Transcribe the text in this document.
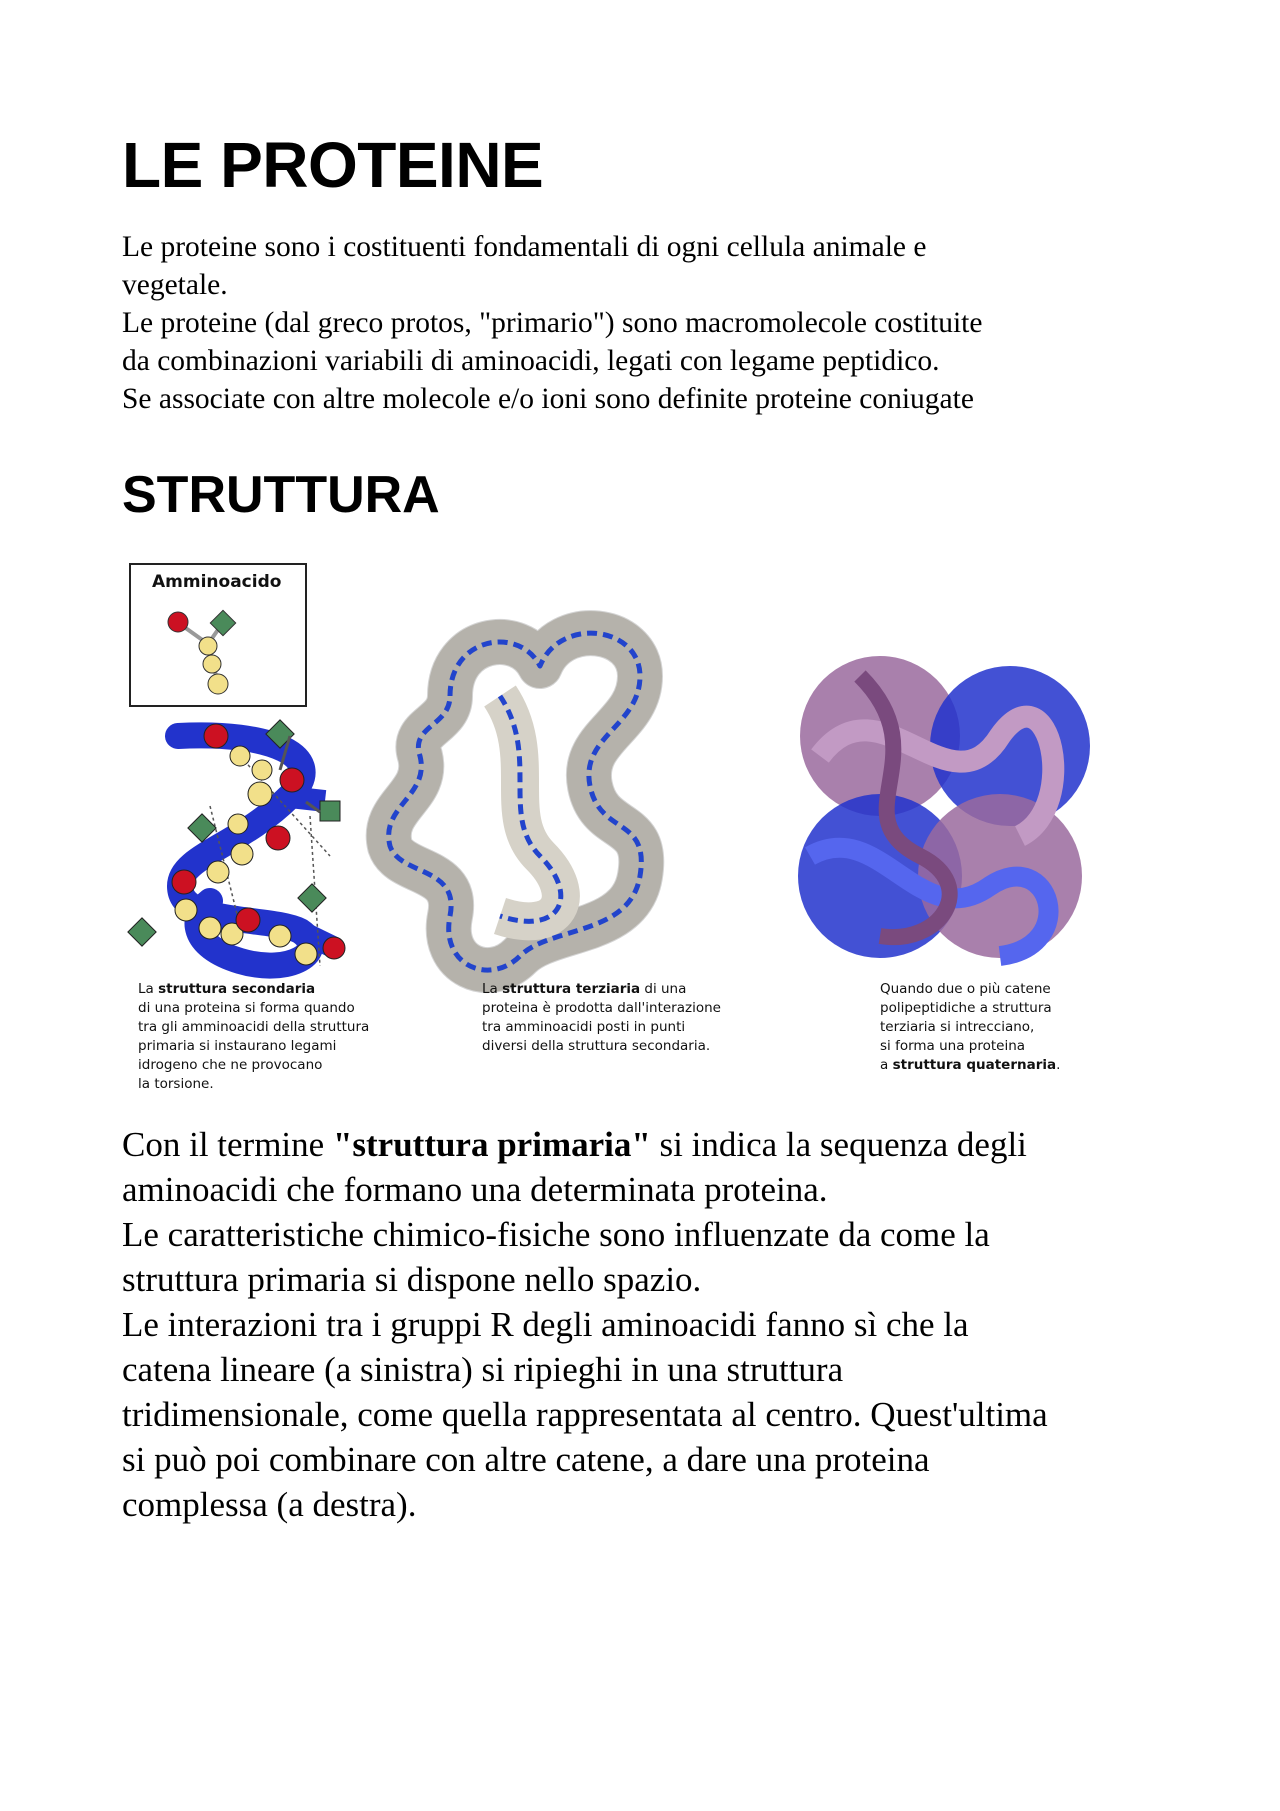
LE PROTEINE

Le proteine sono i costituenti fondamentali di ogni cellula animale e
vegetale.
Le proteine (dal greco protos, "primario") sono macromolecole costituite
da combinazioni variabili di aminoacidi, legati con legame peptidico.
Se associate con altre molecole e/o ioni sono definite proteine coniugate

STRUTTURA
Amminoacido
La struttura secondaria
di una proteina si forma quando
tra gli amminoacidi della struttura
primaria si instaurano legami
idrogeno che ne provocano
la torsione.
La struttura terziaria di una
proteina è prodotta dall'interazione
tra amminoacidi posti in punti
diversi della struttura secondaria.
Quando due o più catene
polipeptidiche a struttura
terziaria si intrecciano,
si forma una proteina
a struttura quaternaria.
Con il termine "struttura primaria" si indica la sequenza degli
aminoacidi che formano una determinata proteina.
Le caratteristiche chimico-fisiche sono influenzate da come la
struttura primaria si dispone nello spazio.
Le interazioni tra i gruppi R degli aminoacidi fanno sì che la
catena lineare (a sinistra) si ripieghi in una struttura
tridimensionale, come quella rappresentata al centro. Quest'ultima
si può poi combinare con altre catene, a dare una proteina
complessa (a destra).
